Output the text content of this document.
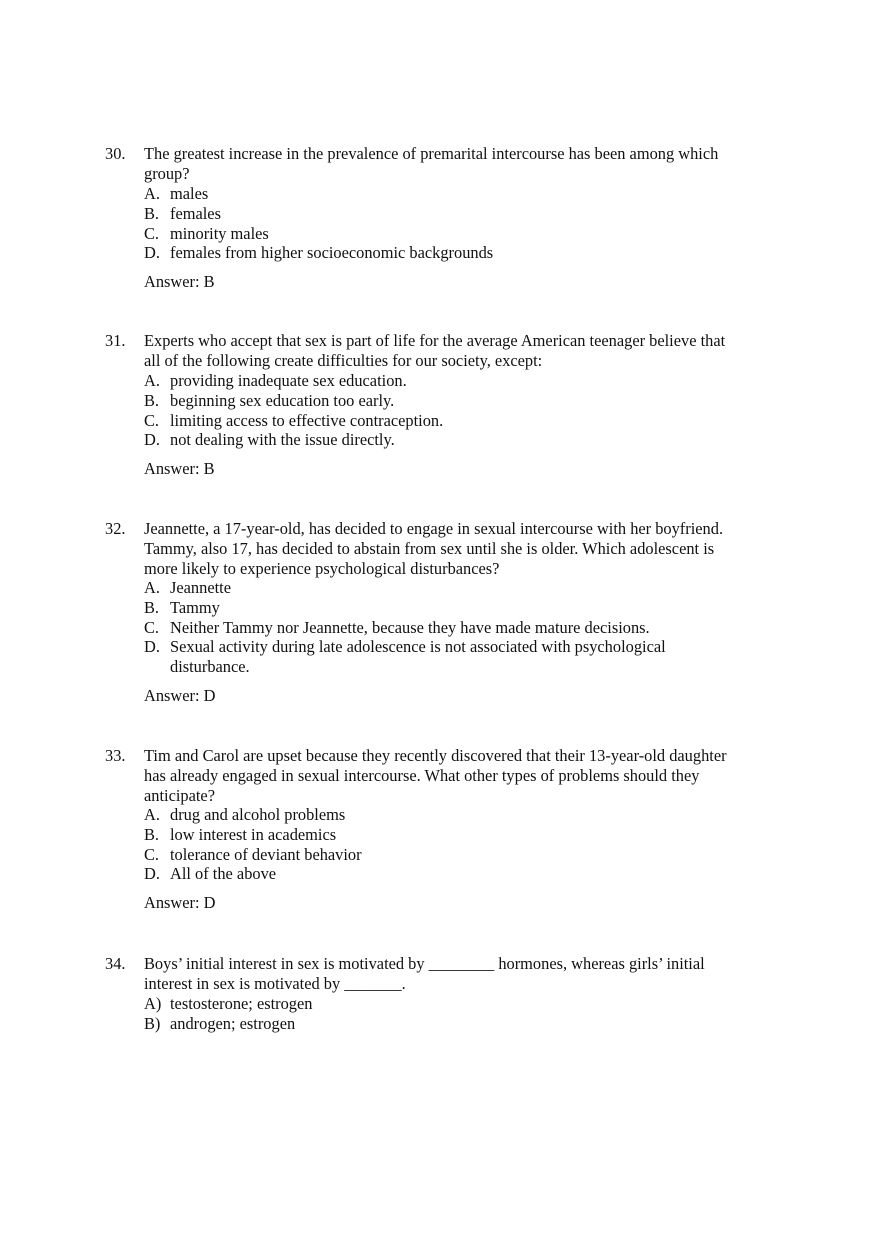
30. The greatest increase in the prevalence of premarital intercourse has been among which
group?
A. males
B. females
C. minority males
D. females from higher socioeconomic backgrounds
Answer: B
31. Experts who accept that sex is part of life for the average American teenager believe that
all of the following create difficulties for our society, except:
A. providing inadequate sex education.
B. beginning sex education too early.
C. limiting access to effective contraception.
D. not dealing with the issue directly.
Answer: B
32. Jeannette, a 17-year-old, has decided to engage in sexual intercourse with her boyfriend.
Tammy, also 17, has decided to abstain from sex until she is older. Which adolescent is
more likely to experience psychological disturbances?
A. Jeannette
B. Tammy
C. Neither Tammy nor Jeannette, because they have made mature decisions.
D. Sexual activity during late adolescence is not associated with psychological
disturbance.
Answer: D
33. Tim and Carol are upset because they recently discovered that their 13-year-old daughter
has already engaged in sexual intercourse. What other types of problems should they
anticipate?
A. drug and alcohol problems
B. low interest in academics
C. tolerance of deviant behavior
D. All of the above
Answer: D
34. Boys’ initial interest in sex is motivated by ________ hormones, whereas girls’ initial
interest in sex is motivated by _______.
A) testosterone; estrogen
B) androgen; estrogen
